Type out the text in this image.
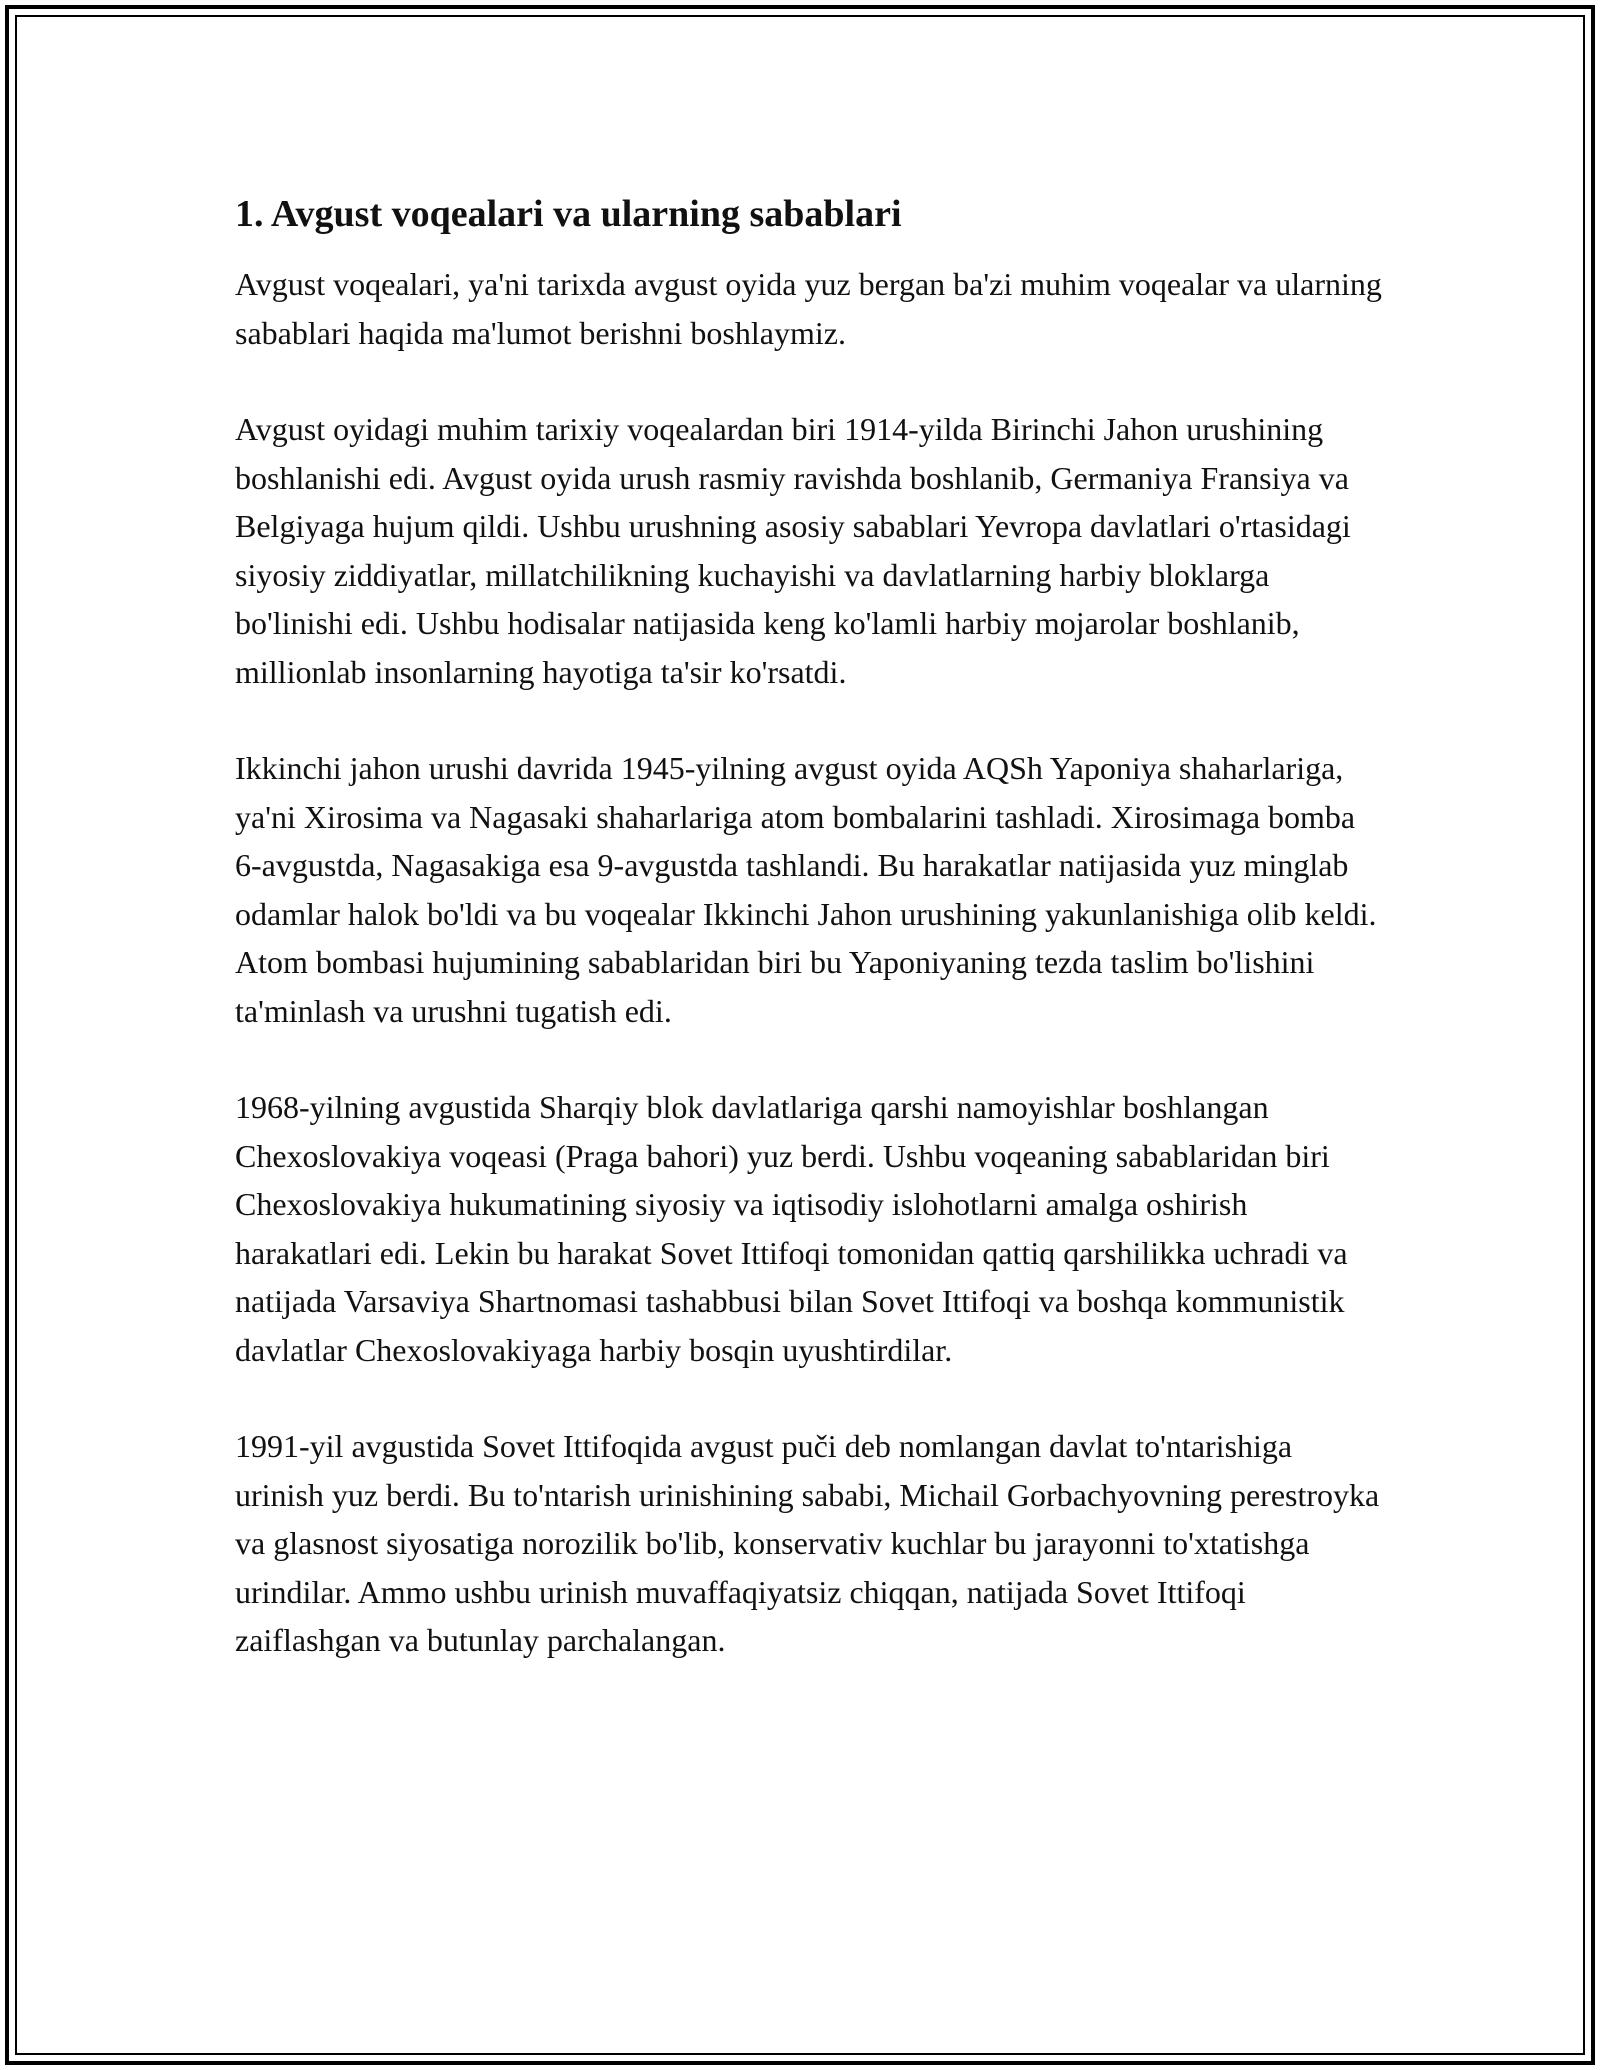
1. Avgust voqealari va ularning sabablari

Avgust voqealari, ya'ni tarixda avgust oyida yuz bergan ba'zi muhim voqealar va ularning sabablari haqida ma'lumot berishni boshlaymiz.

Avgust oyidagi muhim tarixiy voqealardan biri 1914-yilda Birinchi Jahon urushining boshlanishi edi. Avgust oyida urush rasmiy ravishda boshlanib, Germaniya Fransiya va Belgiyaga hujum qildi. Ushbu urushning asosiy sabablari Yevropa davlatlari o'rtasidagi siyosiy ziddiyatlar, millatchilikning kuchayishi va davlatlarning harbiy bloklarga bo'linishi edi. Ushbu hodisalar natijasida keng ko'lamli harbiy mojarolar boshlanib, millionlab insonlarning hayotiga ta'sir ko'rsatdi.

Ikkinchi jahon urushi davrida 1945-yilning avgust oyida AQSh Yaponiya shaharlariga, ya'ni Xirosima va Nagasaki shaharlariga atom bombalarini tashladi. Xirosimaga bomba 6-avgustda, Nagasakiga esa 9-avgustda tashlandi. Bu harakatlar natijasida yuz minglab odamlar halok bo'ldi va bu voqealar Ikkinchi Jahon urushining yakunlanishiga olib keldi. Atom bombasi hujumining sabablaridan biri bu Yaponiyaning tezda taslim bo'lishini ta'minlash va urushni tugatish edi.

1968-yilning avgustida Sharqiy blok davlatlariga qarshi namoyishlar boshlangan Chexoslovakiya voqeasi (Praga bahori) yuz berdi. Ushbu voqeaning sabablaridan biri Chexoslovakiya hukumatining siyosiy va iqtisodiy islohotlarni amalga oshirish harakatlari edi. Lekin bu harakat Sovet Ittifoqi tomonidan qattiq qarshilikka uchradi va natijada Varsaviya Shartnomasi tashabbusi bilan Sovet Ittifoqi va boshqa kommunistik davlatlar Chexoslovakiyaga harbiy bosqin uyushtirdilar.

1991-yil avgustida Sovet Ittifoqida avgust puči deb nomlangan davlat to'ntarishiga urinish yuz berdi. Bu to'ntarish urinishining sababi, Michail Gorbachyovning perestroyka va glasnost siyosatiga norozilik bo'lib, konservativ kuchlar bu jarayonni to'xtatishga urindilar. Ammo ushbu urinish muvaffaqiyatsiz chiqqan, natijada Sovet Ittifoqi zaiflashgan va butunlay parchalangan.
